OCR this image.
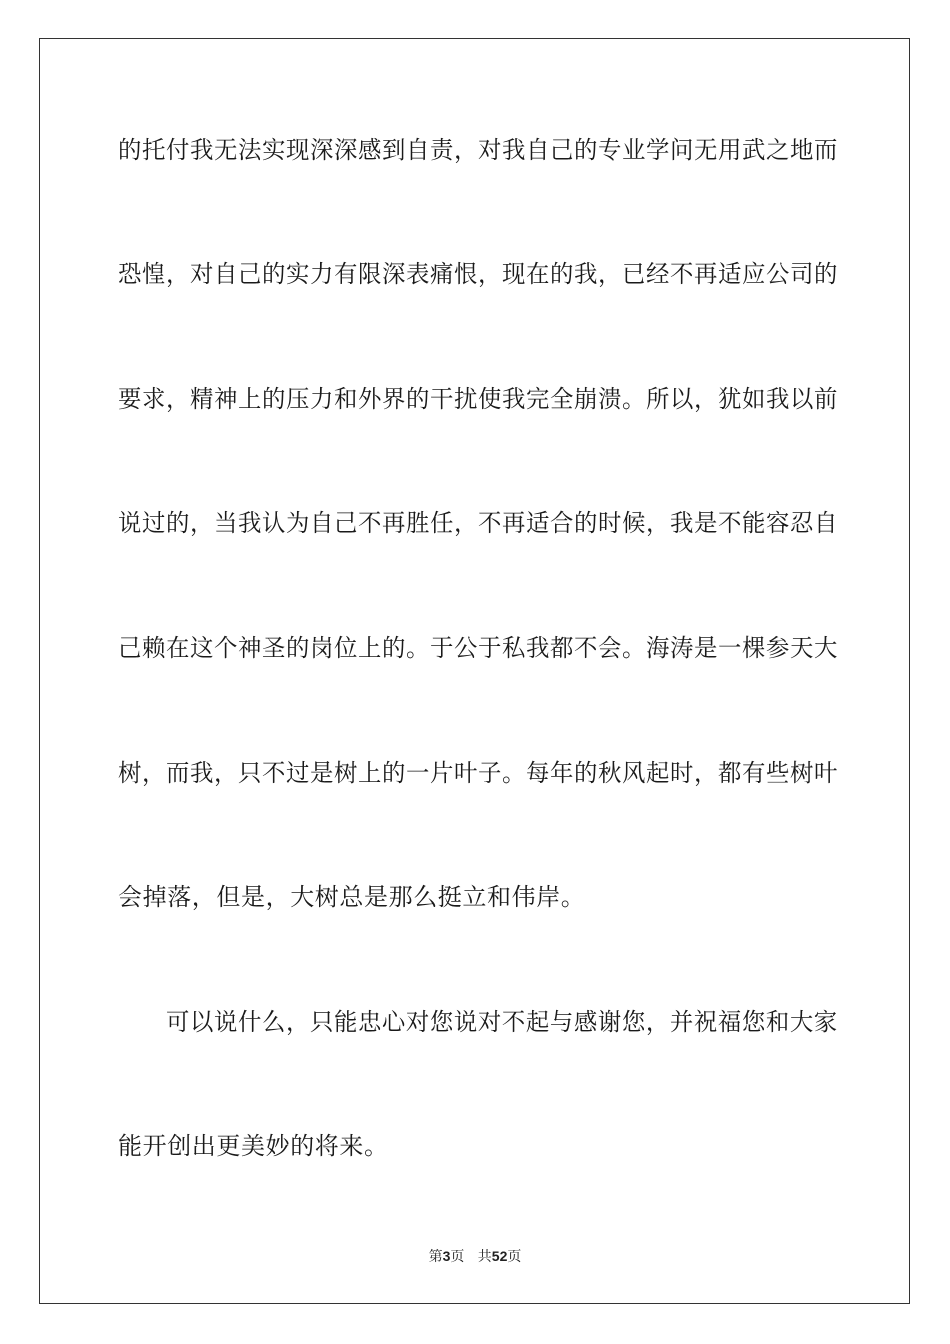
的托付我无法实现深深感到自责，对我自己的专业学问无用武之地而
恐惶，对自己的实力有限深表痛恨，现在的我，已经不再适应公司的
要求，精神上的压力和外界的干扰使我完全崩溃。所以，犹如我以前
说过的，当我认为自己不再胜任，不再适合的时候，我是不能容忍自
己赖在这个神圣的岗位上的。于公于私我都不会。海涛是一棵参天大
树，而我，只不过是树上的一片叶子。每年的秋风起时，都有些树叶
会掉落，但是，大树总是那么挺立和伟岸。
可以说什么，只能忠心对您说对不起与感谢您，并祝福您和大家
能开创出更美妙的将来。
第3页 共52页
